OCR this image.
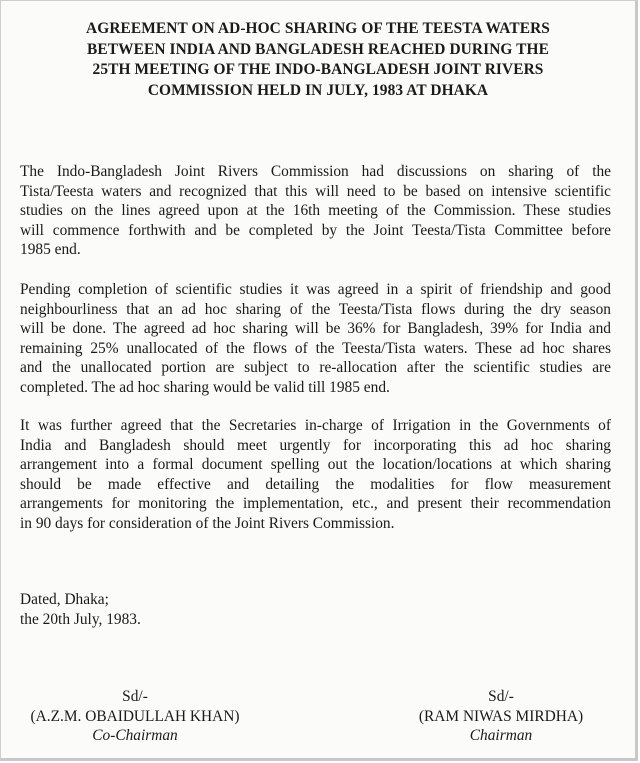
AGREEMENT ON AD-HOC SHARING OF THE TEESTA WATERS
BETWEEN INDIA AND BANGLADESH REACHED DURING THE
25TH MEETING OF THE INDO-BANGLADESH JOINT RIVERS
COMMISSION HELD IN JULY, 1983 AT DHAKA
The Indo-Bangladesh Joint Rivers Commission had discussions on sharing of the
Tista/Teesta waters and recognized that this will need to be based on intensive scientific
studies on the lines agreed upon at the 16th meeting of the Commission. These studies
will commence forthwith and be completed by the Joint Teesta/Tista Committee before
1985 end.
Pending completion of scientific studies it was agreed in a spirit of friendship and good
neighbourliness that an ad hoc sharing of the Teesta/Tista flows during the dry season
will be done. The agreed ad hoc sharing will be 36% for Bangladesh, 39% for India and
remaining 25% unallocated of the flows of the Teesta/Tista waters. These ad hoc shares
and the unallocated portion are subject to re-allocation after the scientific studies are
completed. The ad hoc sharing would be valid till 1985 end.
It was further agreed that the Secretaries in-charge of Irrigation in the Governments of
India and Bangladesh should meet urgently for incorporating this ad hoc sharing
arrangement into a formal document spelling out the location/locations at which sharing
should be made effective and detailing the modalities for flow measurement
arrangements for monitoring the implementation, etc., and present their recommendation
in 90 days for consideration of the Joint Rivers Commission.
Dated, Dhaka;
the 20th July, 1983.
Sd/-
(A.Z.M. OBAIDULLAH KHAN)
Co-Chairman
Sd/-
(RAM NIWAS MIRDHA)
Chairman
